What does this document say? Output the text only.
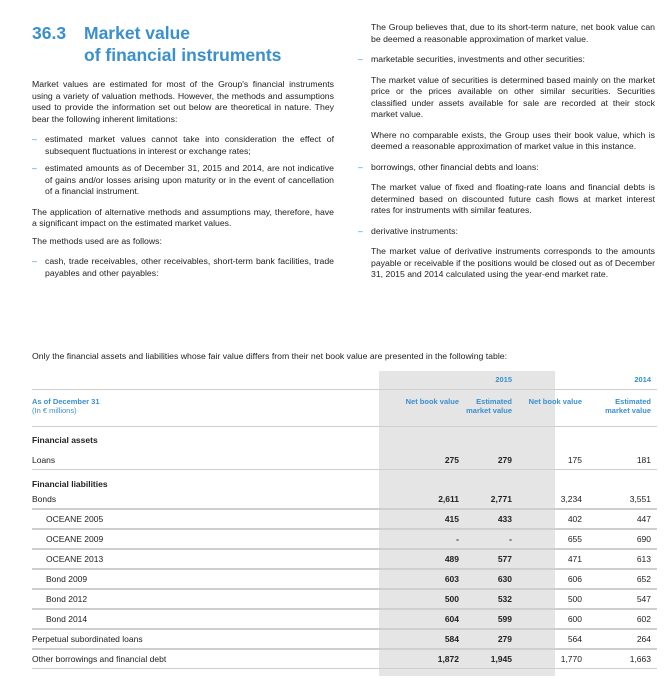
36.3 Market value
of financial instruments

Market values are estimated for most of the Group's financial instruments using a variety of valuation methods. However, the methods and assumptions used to provide the information set out below are theoretical in nature. They bear the following inherent limitations:

– estimated market values cannot take into consideration the effect of subsequent fluctuations in interest or exchange rates;

– estimated amounts as of December 31, 2015 and 2014, are not indicative of gains and/or losses arising upon maturity or in the event of cancellation of a financial instrument.

The application of alternative methods and assumptions may, therefore, have a significant impact on the estimated market values.

The methods used are as follows:

– cash, trade receivables, other receivables, short-term bank facilities, trade payables and other payables:

The Group believes that, due to its short-term nature, net book value can be deemed a reasonable approximation of market value.

– marketable securities, investments and other securities:

The market value of securities is determined based mainly on the market price or the prices available on other similar securities. Securities classified under assets available for sale are recorded at their stock market value.

Where no comparable exists, the Group uses their book value, which is deemed a reasonable approximation of market value in this instance.

– borrowings, other financial debts and loans:

The market value of fixed and floating-rate loans and financial debts is determined based on discounted future cash flows at market interest rates for instruments with similar features.

– derivative instruments:

The market value of derivative instruments corresponds to the amounts payable or receivable if the positions would be closed out as of December 31, 2015 and 2014 calculated using the year-end market rate.

Only the financial assets and liabilities whose fair value differs from their net book value are presented in the following table:

2015	2014
As of December 31
(In € millions)
Net book value	Estimated market value
Net book value	Estimated market value
Financial assets
Loans	275	279	175	181
Financial liabilities
Bonds	2,611	2,771	3,234	3,551
OCEANE 2005	415	433	402	447
OCEANE 2009	-	-	655	690
OCEANE 2013	489	577	471	613
Bond 2009	603	630	606	652
Bond 2012	500	532	500	547
Bond 2014	604	599	600	602
Perpetual subordinated loans	584	279	564	264
Other borrowings and financial debt	1,872	1,945	1,770	1,663
